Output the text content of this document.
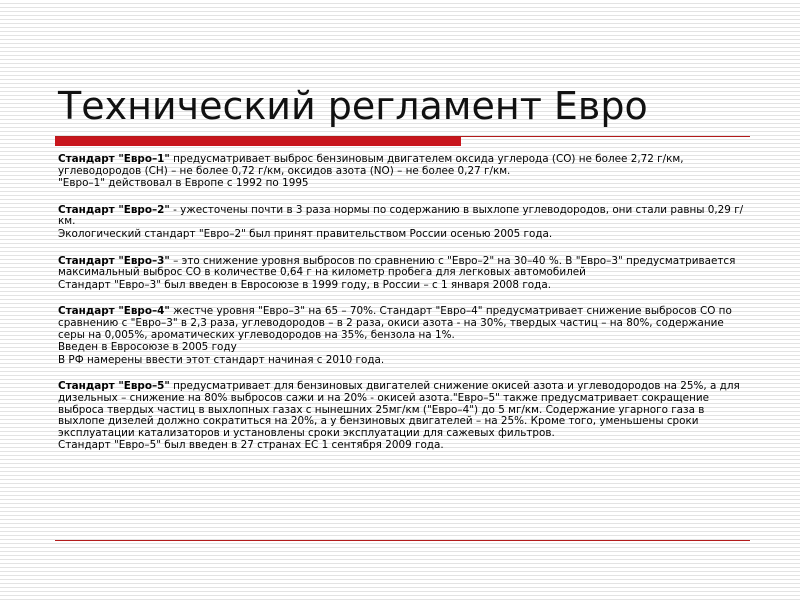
Технический регламент Евро

Стандарт "Евро–1" предусматривает выброс бензиновым двигателем оксида углерода (СО) не более 2,72 г/км, углеводородов (СН) – не более 0,72 г/км, оксидов азота (NO) – не более 0,27 г/км.

"Евро–1" действовал в Европе с 1992 по 1995

Стандарт "Евро–2" - ужесточены почти в 3 раза нормы по содержанию в выхлопе углеводородов, они стали равны 0,29 г/км.

Экологический стандарт "Евро–2" был принят правительством России осенью 2005 года.

Стандарт "Евро–3" – это снижение уровня выбросов по сравнению с "Евро–2" на 30–40 %. В "Евро–3" предусматривается максимальный выброс СО в количестве 0,64 г на километр пробега для легковых автомобилей

Стандарт "Евро–3" был введен в Евросоюзе в 1999 году, в России – с 1 января 2008 года.

Стандарт "Евро–4" жестче уровня "Евро–3" на 65 – 70%. Стандарт "Евро–4" предусматривает снижение выбросов СО по сравнению с "Евро–3" в 2,3 раза, углеводородов – в 2 раза, окиси азота - на 30%, твердых частиц – на 80%, содержание серы на 0,005%, ароматических углеводородов на 35%, бензола на 1%.

Введен в Евросоюзе в 2005 году

В РФ намерены ввести этот стандарт начиная с 2010 года.

Стандарт "Евро–5" предусматривает для бензиновых двигателей снижение окисей азота и углеводородов на 25%, а для дизельных – снижение на 80% выбросов сажи и на 20% - окисей азота."Евро–5" также предусматривает сокращение выброса твердых частиц в выхлопных газах с нынешних 25мг/км ("Евро–4") до 5 мг/км. Содержание угарного газа в выхлопе дизелей должно сократиться на 20%, а у бензиновых двигателей – на 25%. Кроме того, уменьшены сроки эксплуатации катализаторов и установлены сроки эксплуатации для сажевых фильтров.

Стандарт "Евро–5" был введен в 27 странах ЕС 1 сентября 2009 года.
